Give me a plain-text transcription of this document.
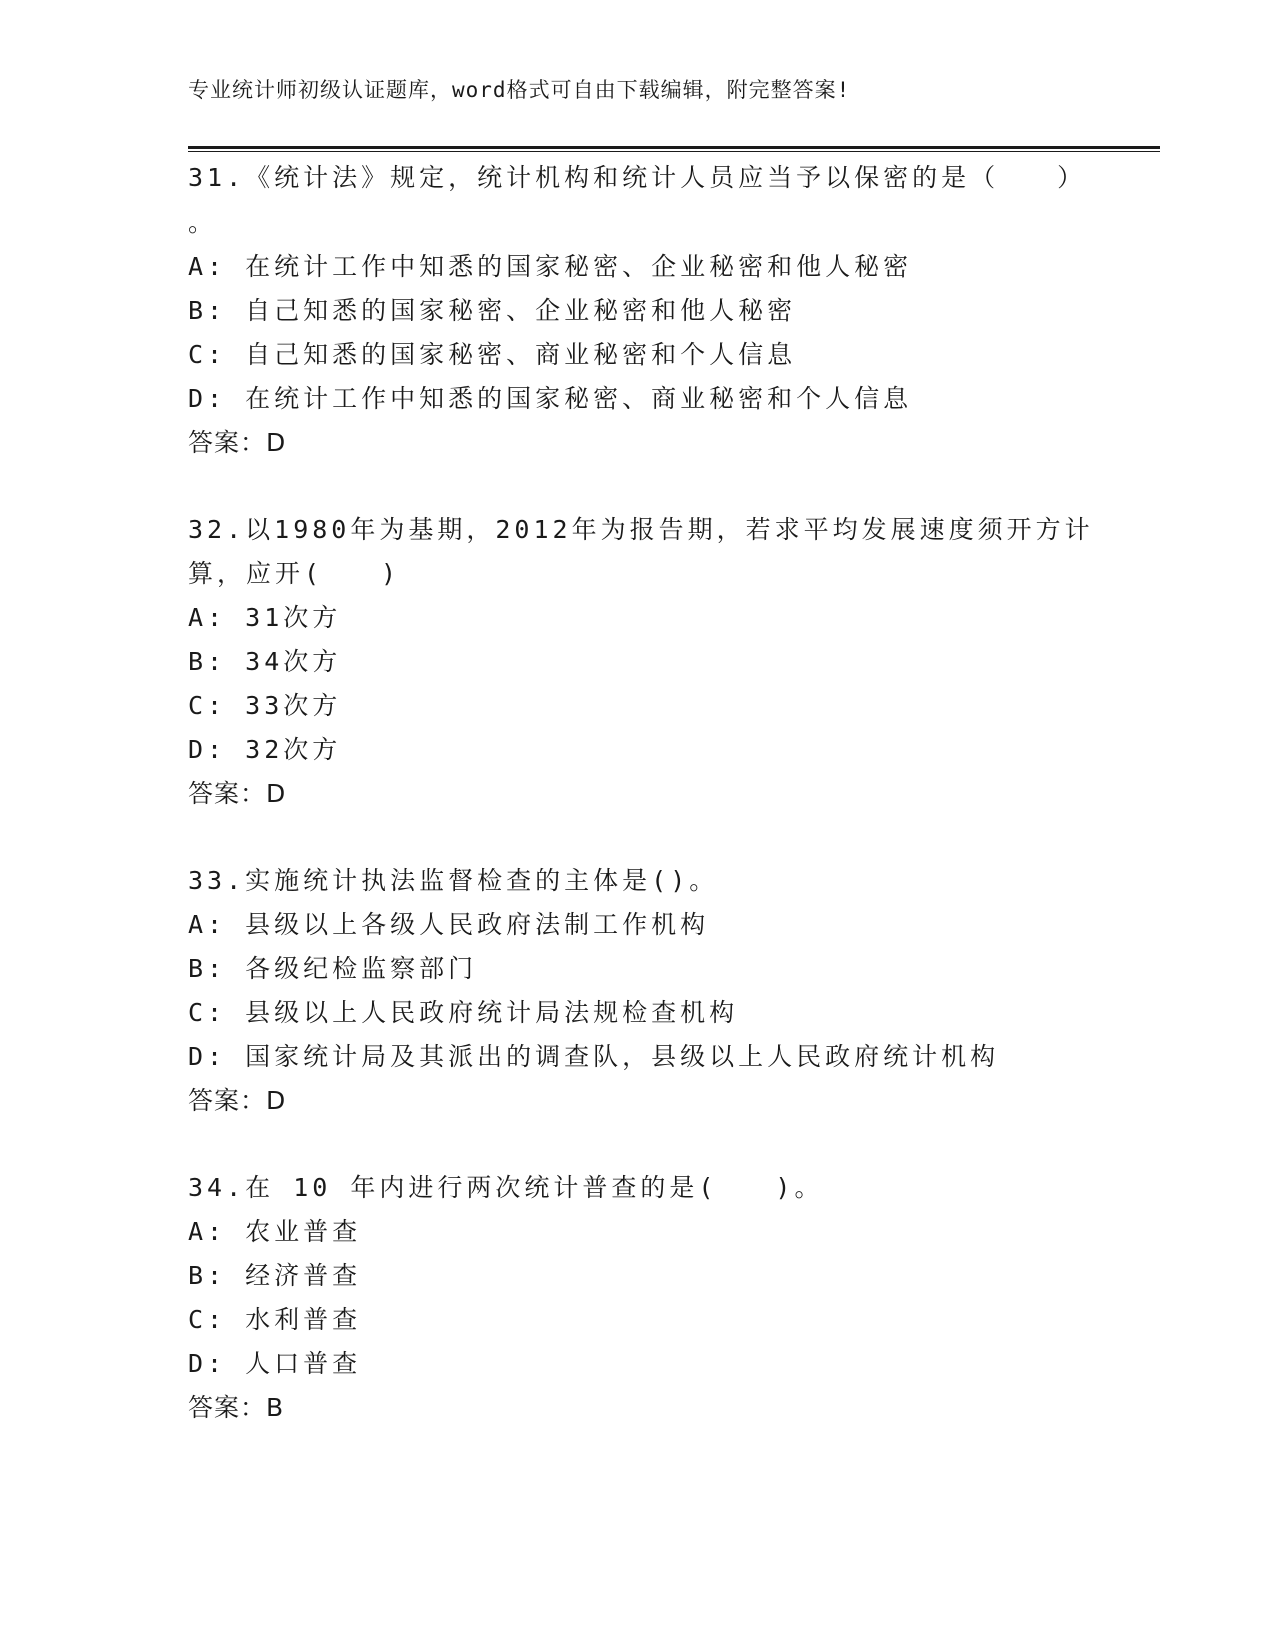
专业统计师初级认证题库，word格式可自由下载编辑，附完整答案!
31.《统计法》规定，统计机构和统计人员应当予以保密的是（　　）
。
A: 在统计工作中知悉的国家秘密、企业秘密和他人秘密
B: 自己知悉的国家秘密、企业秘密和他人秘密
C: 自己知悉的国家秘密、商业秘密和个人信息
D: 在统计工作中知悉的国家秘密、商业秘密和个人信息
答案：D
32.以1980年为基期，2012年为报告期，若求平均发展速度须开方计
算，应开(　　)
A: 31次方
B: 34次方
C: 33次方
D: 32次方
答案：D
33.实施统计执法监督检查的主体是()。
A: 县级以上各级人民政府法制工作机构
B: 各级纪检监察部门
C: 县级以上人民政府统计局法规检查机构
D: 国家统计局及其派出的调查队，县级以上人民政府统计机构
答案：D
34.在 10 年内进行两次统计普查的是(　　)。
A: 农业普查
B: 经济普查
C: 水利普查
D: 人口普查
答案：B
